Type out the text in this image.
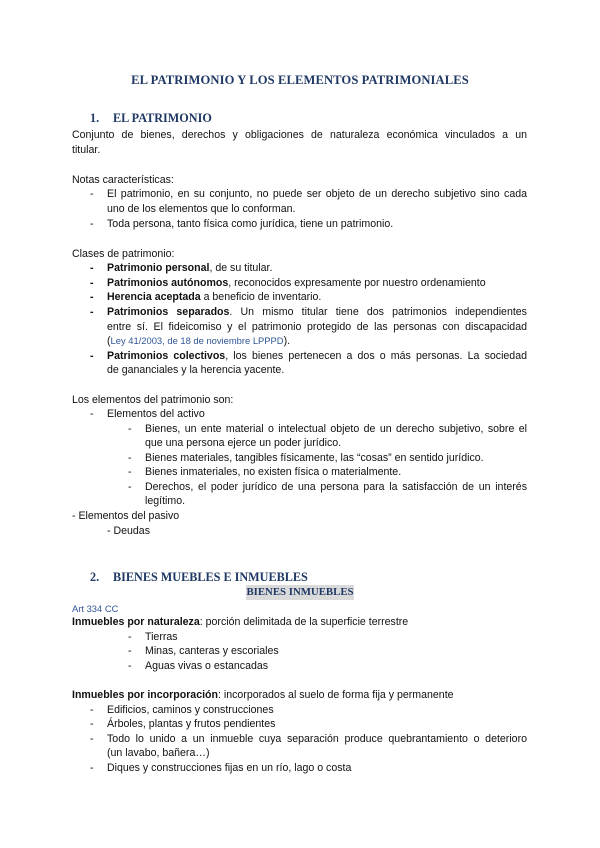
EL PATRIMONIO Y LOS ELEMENTOS PATRIMONIALES
1. EL PATRIMONIO
Conjunto de bienes, derechos y obligaciones de naturaleza económica vinculados a un
titular.
Notas características:
- El patrimonio, en su conjunto, no puede ser objeto de un derecho subjetivo sino cada
uno de los elementos que lo conforman.
- Toda persona, tanto física como jurídica, tiene un patrimonio.
Clases de patrimonio:
- Patrimonio personal, de su titular.
- Patrimonios autónomos, reconocidos expresamente por nuestro ordenamiento
- Herencia aceptada a beneficio de inventario.
- Patrimonios separados. Un mismo titular tiene dos patrimonios independientes
entre sí. El fideicomiso y el patrimonio protegido de las personas con discapacidad
(Ley 41/2003, de 18 de noviembre LPPPD).
- Patrimonios colectivos, los bienes pertenecen a dos o más personas. La sociedad
de gananciales y la herencia yacente.
Los elementos del patrimonio son:
- Elementos del activo
- Bienes, un ente material o intelectual objeto de un derecho subjetivo, sobre el
que una persona ejerce un poder jurídico.
- Bienes materiales, tangibles físicamente, las “cosas” en sentido jurídico.
- Bienes inmateriales, no existen física o materialmente.
- Derechos, el poder jurídico de una persona para la satisfacción de un interés
legítimo.
- Elementos del pasivo
- Deudas
2. BIENES MUEBLES E INMUEBLES
BIENES INMUEBLES
Art 334 CC
Inmuebles por naturaleza: porción delimitada de la superficie terrestre
- Tierras
- Minas, canteras y escoriales
- Aguas vivas o estancadas
Inmuebles por incorporación: incorporados al suelo de forma fija y permanente
- Edificios, caminos y construcciones
- Árboles, plantas y frutos pendientes
- Todo lo unido a un inmueble cuya separación produce quebrantamiento o deterioro
(un lavabo, bañera…)
- Diques y construcciones fijas en un río, lago o costa
